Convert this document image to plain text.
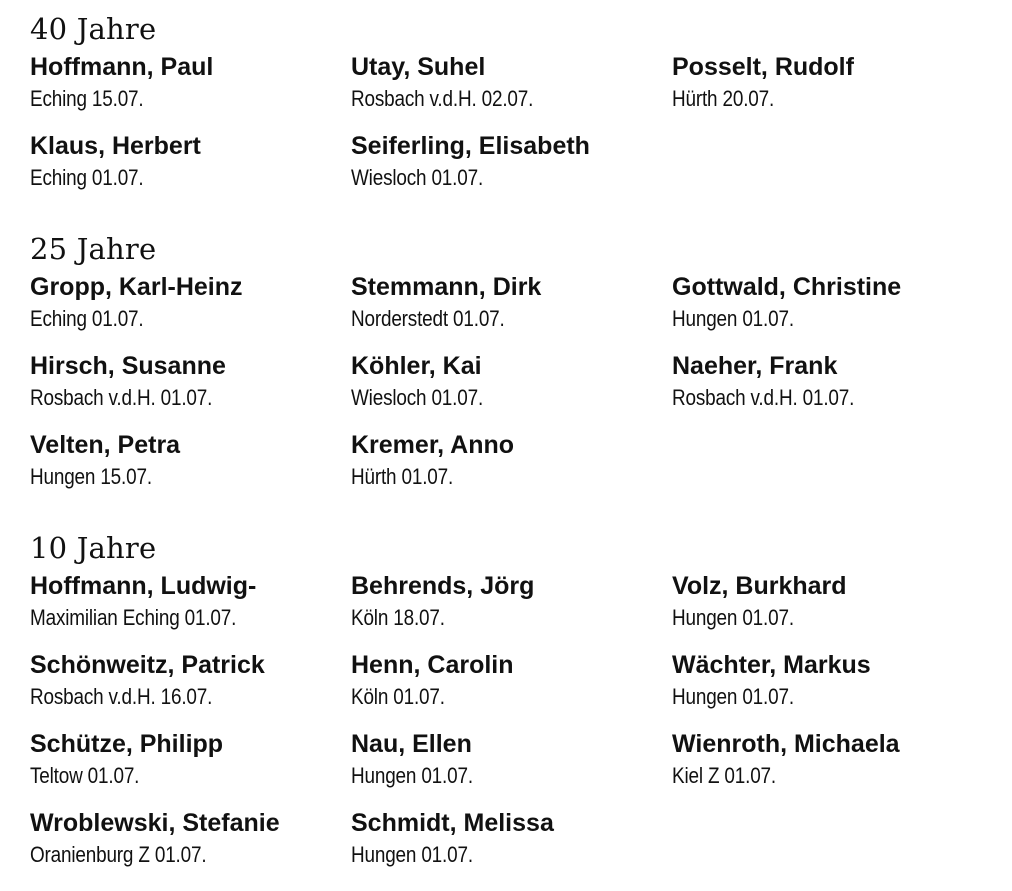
40 Jahre
Hoffmann, Paul
Eching 15.07.
Utay, Suhel
Rosbach v.d.H. 02.07.
Posselt, Rudolf
Hürth 20.07.
Klaus, Herbert
Eching 01.07.
Seiferling, Elisabeth
Wiesloch 01.07.
25 Jahre
Gropp, Karl-Heinz
Eching 01.07.
Stemmann, Dirk
Norderstedt 01.07.
Gottwald, Christine
Hungen 01.07.
Hirsch, Susanne
Rosbach v.d.H. 01.07.
Köhler, Kai
Wiesloch 01.07.
Naeher, Frank
Rosbach v.d.H. 01.07.
Velten, Petra
Hungen 15.07.
Kremer, Anno
Hürth 01.07.
10 Jahre
Hoffmann, Ludwig-
Maximilian Eching 01.07.
Behrends, Jörg
Köln 18.07.
Volz, Burkhard
Hungen 01.07.
Schönweitz, Patrick
Rosbach v.d.H. 16.07.
Henn, Carolin
Köln 01.07.
Wächter, Markus
Hungen 01.07.
Schütze, Philipp
Teltow 01.07.
Nau, Ellen
Hungen 01.07.
Wienroth, Michaela
Kiel Z 01.07.
Wroblewski, Stefanie
Oranienburg Z 01.07.
Schmidt, Melissa
Hungen 01.07.
